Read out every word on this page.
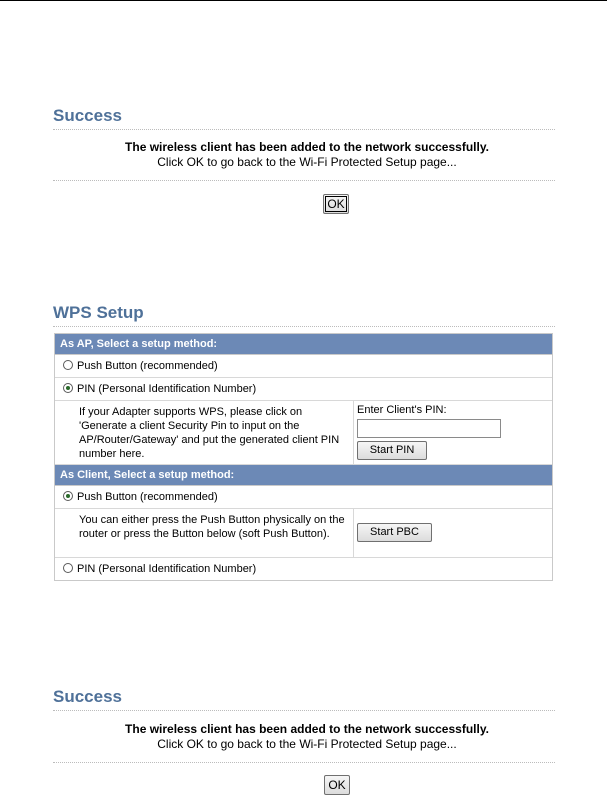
Success
The wireless client has been added to the network successfully.
Click OK to go back to the Wi-Fi Protected Setup page...
OK
WPS Setup
As AP, Select a setup method:
Push Button (recommended)
PIN (Personal Identification Number)
If your Adapter supports WPS, please click on 'Generate a client Security Pin to input on the AP/Router/Gateway' and put the generated client PIN number here.
Enter Client's PIN:
Start PIN
As Client, Select a setup method:
Push Button (recommended)
You can either press the Push Button physically on the router or press the Button below (soft Push Button).	Start PBC
PIN (Personal Identification Number)
Success
The wireless client has been added to the network successfully.
Click OK to go back to the Wi-Fi Protected Setup page...
OK
